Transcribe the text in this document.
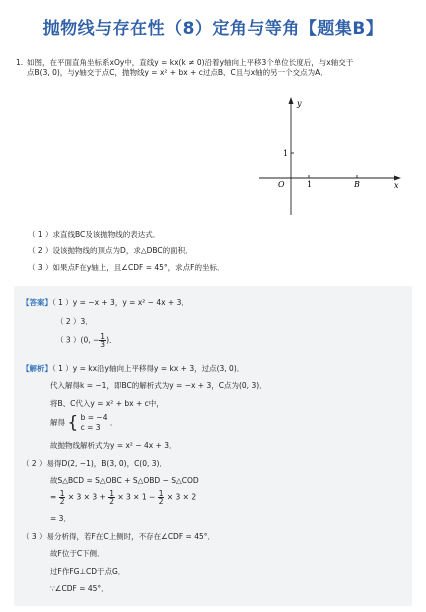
抛物线与存在性（8）定角与等角【题集B】
1. 如图，在平面直角坐标系xOy中，直线y = kx(k ≠ 0)沿着y轴向上平移3个单位长度后，与x轴交于
点B(3, 0)，与y轴交于点C，抛物线y = x² + bx + c过点B、C且与x轴的另一个交点为A．
y
x
O	1
1
B
（ 1 ）求直线BC及该抛物线的表达式．
（ 2 ）设该抛物线的顶点为D，求△DBC的面积．
（ 3 ）如果点F在y轴上，且∠CDF = 45°，求点F的坐标．
【答案】（ 1 ）y = −x + 3，y = x² − 4x + 3．
（ 2 ）3．
（ 3 ）(0, − $\frac{1}{3}$ )．
【解析】（ 1 ）y = kx沿y轴向上平移得y = kx + 3，过点(3, 0)．
代入解得k = −1，即BC的解析式为y = −x + 3，C点为(0, 3)．
将B、C代入y = x² + bx + c中，
解得 { b = −4
c = 3
．
故抛物线解析式为y = x² − 4x + 3．
（ 2 ）易得D(2, −1)，B(3, 0)，C(0, 3)．
故S△BCD = S△OBC + S△OBD − S△COD
= $\frac{1}{2} \times 3 \times 3 + \frac{1}{2} \times 3 \times 1 - \frac{1}{2} \times 3 \times 2$
= 3．
（ 3 ）易分析得，若F在C上侧时，不存在∠CDF = 45°．
故F位于C下侧．
过F作FG⊥CD于点G．
∵∠CDF = 45°．
